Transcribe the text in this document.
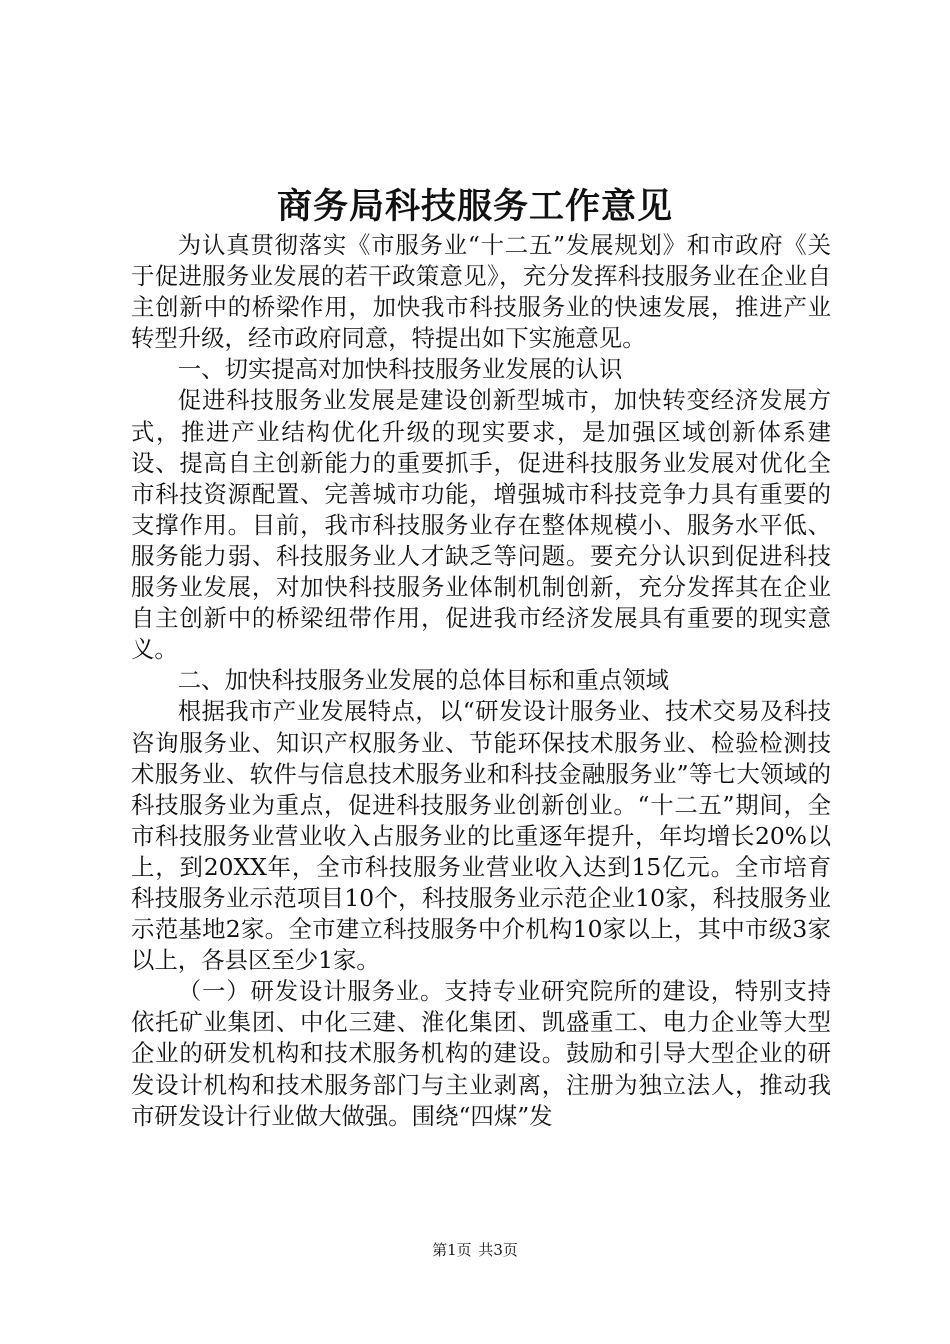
商务局科技服务工作意见

为认真贯彻落实《市服务业“十二五”发展规划》和市政府《关于促进服务业发展的若干政策意见》，充分发挥科技服务业在企业自主创新中的桥梁作用，加快我市科技服务业的快速发展，推进产业转型升级，经市政府同意，特提出如下实施意见。

一、切实提高对加快科技服务业发展的认识

促进科技服务业发展是建设创新型城市，加快转变经济发展方式，推进产业结构优化升级的现实要求，是加强区域创新体系建设、提高自主创新能力的重要抓手，促进科技服务业发展对优化全市科技资源配置、完善城市功能，增强城市科技竞争力具有重要的支撑作用。目前，我市科技服务业存在整体规模小、服务水平低、服务能力弱、科技服务业人才缺乏等问题。要充分认识到促进科技服务业发展，对加快科技服务业体制机制创新，充分发挥其在企业自主创新中的桥梁纽带作用，促进我市经济发展具有重要的现实意义。

二、加快科技服务业发展的总体目标和重点领域

根据我市产业发展特点，以“研发设计服务业、技术交易及科技咨询服务业、知识产权服务业、节能环保技术服务业、检验检测技术服务业、软件与信息技术服务业和科技金融服务业”等七大领域的科技服务业为重点，促进科技服务业创新创业。“十二五”期间，全市科技服务业营业收入占服务业的比重逐年提升，年均增长20%以上，到20XX年，全市科技服务业营业收入达到15亿元。全市培育科技服务业示范项目10个，科技服务业示范企业10家，科技服务业示范基地2家。全市建立科技服务中介机构10家以上，其中市级3家以上，各县区至少1家。

（一）研发设计服务业。支持专业研究院所的建设，特别支持依托矿业集团、中化三建、淮化集团、凯盛重工、电力企业等大型企业的研发机构和技术服务机构的建设。鼓励和引导大型企业的研发设计机构和技术服务部门与主业剥离，注册为独立法人，推动我市研发设计行业做大做强。围绕“四煤”发

第1页 共3页
